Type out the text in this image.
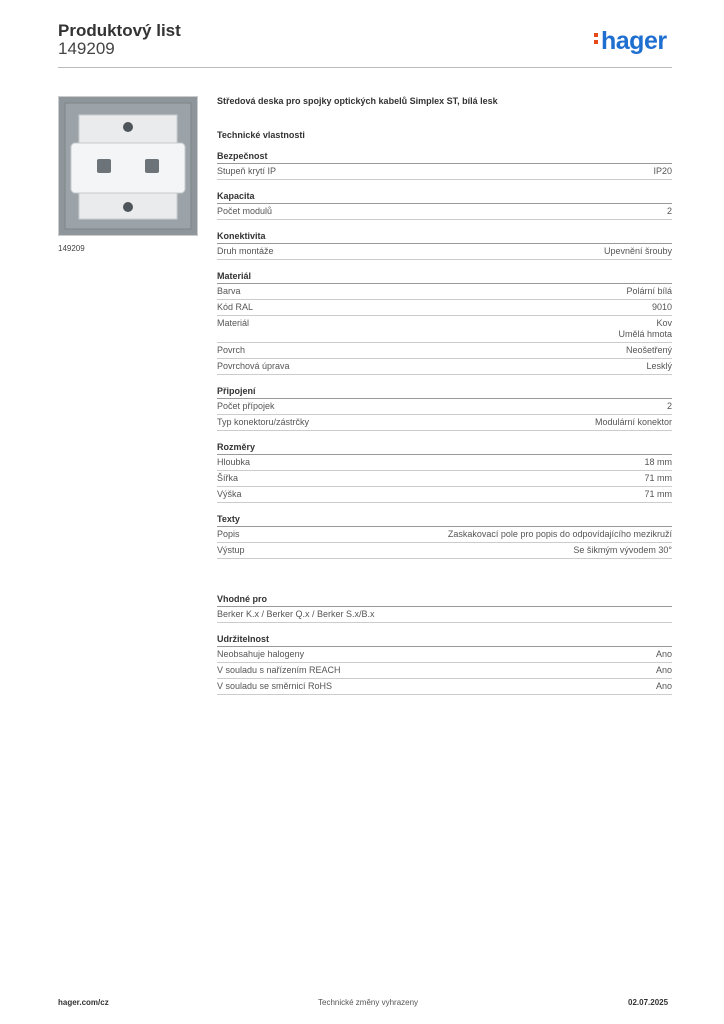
Produktový list
149209	hager
149209
Středová deska pro spojky optických kabelů Simplex ST, bílá lesk
Technické vlastnosti
Bezpečnost
Stupeň krytí IP	IP20
Kapacita
Počet modulů	2
Konektivita
Druh montáže	Upevnění šrouby
Materiál
Barva	Polární bílá
Kód RAL	9010
Materiál	Kov
Umělá hmota
Povrch	Neošetřený
Povrchová úprava	Lesklý
Připojení
Počet přípojek	2
Typ konektoru/zástrčky	Modulární konektor
Rozměry
Hloubka	18 mm
Šířka	71 mm
Výška	71 mm
Texty
Popis	Zaskakovací pole pro popis do odpovídajícího mezikruží
Výstup	Se šikmým vývodem 30°
Vhodné pro
Berker K.x / Berker Q.x / Berker S.x/B.x
Udržitelnost
Neobsahuje halogeny	Ano
V souladu s nařízením REACH	Ano
V souladu se směrnicí RoHS	Ano
hager.com/cz	Technické změny vyhrazeny	02.07.2025
